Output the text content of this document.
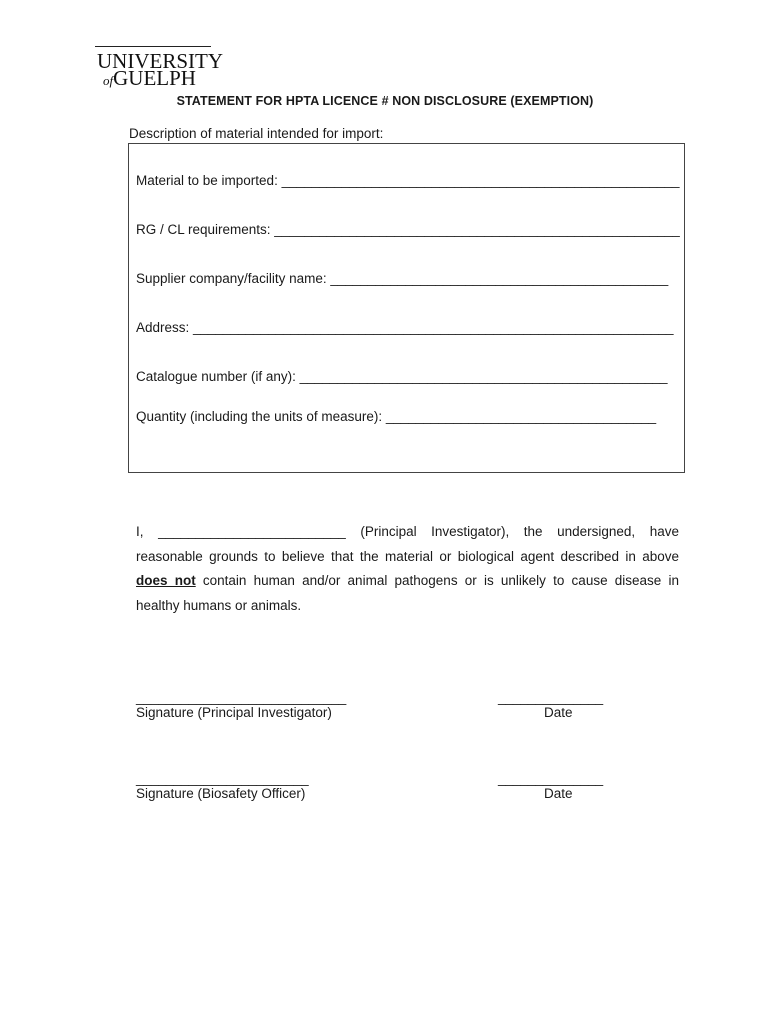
UNIVERSITY
ofGUELPH
STATEMENT FOR HPTA LICENCE # NON DISCLOSURE (EXEMPTION)
Description of material intended for import:
Material to be imported: _____________________________________________________
RG / CL requirements: ______________________________________________________
Supplier company/facility name: _____________________________________________
Address: ________________________________________________________________
Catalogue number (if any): _________________________________________________
Quantity (including the units of measure): ____________________________________
I, _________________________ (Principal Investigator), the undersigned, have
reasonable grounds to believe that the material or biological agent described in above
does not contain human and/or animal pathogens or is unlikely to cause disease in
healthy humans or animals.
____________________________
Signature (Principal Investigator)
______________
Date
_______________________
Signature (Biosafety Officer)
______________
Date
